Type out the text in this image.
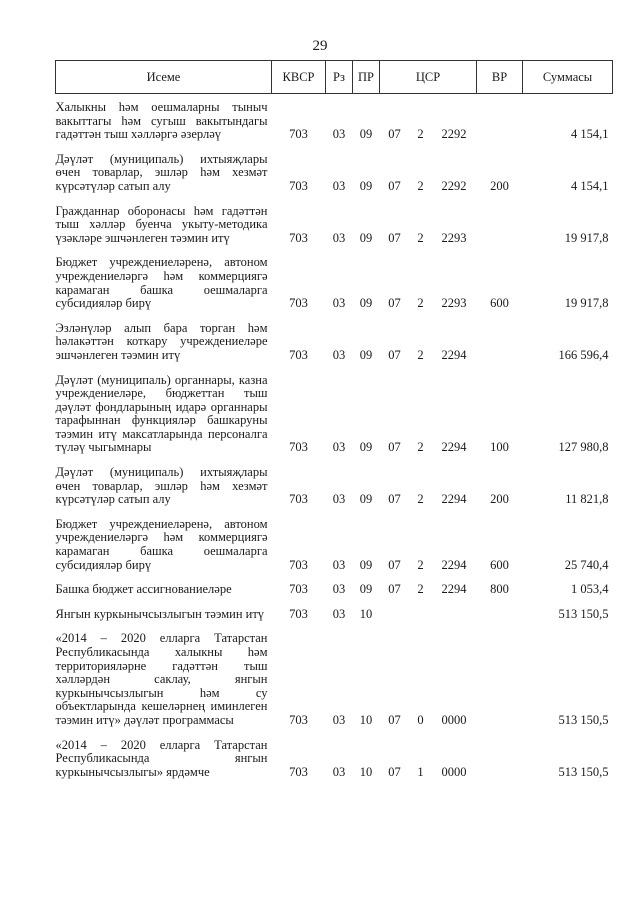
29
Исеме	КВСР	Рз	ПР	ЦСР			ВР	Суммасы
Халыкны һәм оешмаларны тыныч вакыттагы һәм сугыш вакытындагы гадәттән тыш хәлләргә әзерләү	703	03	09	07	2	2292		4 154,1
Дәүләт (муниципаль) ихтыяҗлары өчен товарлар, эшләр һәм хезмәт күрсәтүләр сатып алу	703	03	09	07	2	2292	200	4 154,1
Гражданнар оборонасы һәм гадәттән тыш хәлләр буенча укыту-методика үзәкләре эшчәнлеген тәэмин итү	703	03	09	07	2	2293		19 917,8
Бюджет учреждениеләренә, автоном учреждениеләргә һәм коммерциягә карамаган башка оешмаларга субсидияләр бирү	703	03	09	07	2	2293	600	19 917,8
Эзләнүләр алып бара торган һәм һәлакәттән коткару учреждениеләре эшчәнлеген тәэмин итү	703	03	09	07	2	2294		166 596,4
Дәүләт (муниципаль) органнары, казна учреждениеләре, бюджеттан тыш дәүләт фондларының идарә органнары тарафыннан функцияләр башкаруны тәэмин итү максатларында персоналга түләү чыгымнары	703	03	09	07	2	2294	100	127 980,8
Дәүләт (муниципаль) ихтыяҗлары өчен товарлар, эшләр һәм хезмәт күрсәтүләр сатып алу	703	03	09	07	2	2294	200	11 821,8
Бюджет учреждениеләренә, автоном учреждениеләргә һәм коммерциягә карамаган башка оешмаларга субсидияләр бирү	703	03	09	07	2	2294	600	25 740,4
Башка бюджет ассигнованиеләре	703	03	09	07	2	2294	800	1 053,4
Янгын куркынычсызлыгын тәэмин итү	703	03	10					513 150,5
«2014 – 2020 елларга Татарстан Республикасында халыкны һәм территорияләрне гадәттән тыш хәлләрдән саклау, янгын куркынычсызлыгын һәм су объектларында кешеләрнең иминлеген тәэмин итү» дәүләт программасы	703	03	10	07	0	0000		513 150,5
«2014 – 2020 елларга Татарстан Республикасында янгын куркынычсызлыгы» ярдәмче	703	03	10	07	1	0000		513 150,5
